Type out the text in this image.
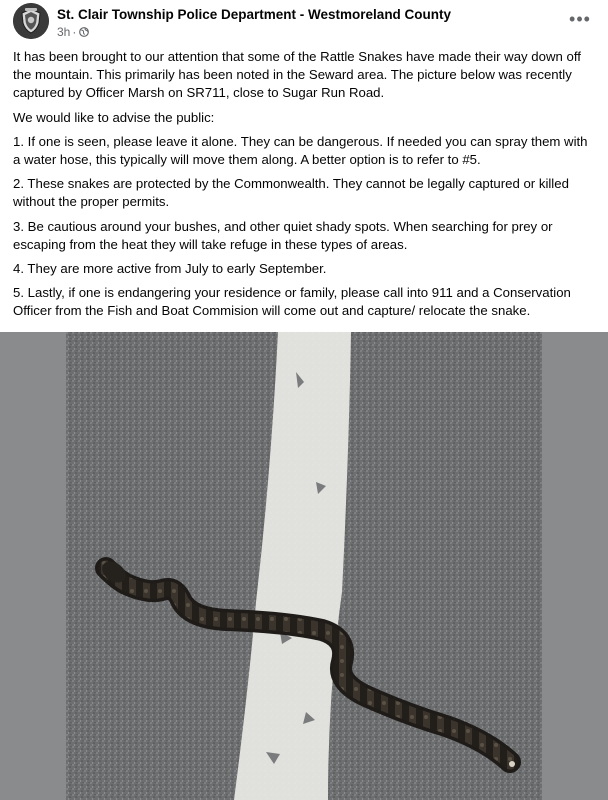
St. Clair Township Police Department - Westmoreland County
3h ·
•••

It has been brought to our attention that some of the Rattle Snakes have made their way down off the mountain. This primarily has been noted in the Seward area. The picture below was recently captured by Officer Marsh on SR711, close to Sugar Run Road.

We would like to advise the public:

1. If one is seen, please leave it alone. They can be dangerous. If needed you can spray them with a water hose, this typically will move them along. A better option is to refer to #5.

2. These snakes are protected by the Commonwealth. They cannot be legally captured or killed without the proper permits.

3. Be cautious around your bushes, and other quiet shady spots. When searching for prey or escaping from the heat they will take refuge in these types of areas.

4. They are more active from July to early September.

5. Lastly, if one is endangering your residence or family, please call into 911 and a Conservation Officer from the Fish and Boat Commision will come out and capture/ relocate the snake.
